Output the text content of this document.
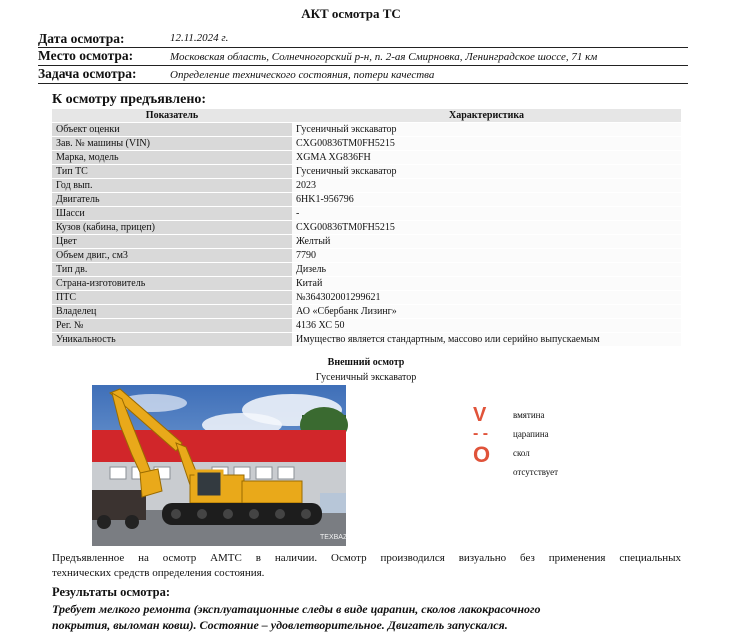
АКТ осмотра ТС
Дата осмотра:	12.11.2024 г.
Место осмотра:	Московская область, Солнечногорский р-н, п. 2-ая Смирновка, Ленинградское шоссе, 71 км
Задача осмотра:	Определение технического состояния, потери качества
К осмотру предъявлено:
Показатель	Характеристика
Объект оценки	Гусеничный экскаватор
Зав. № машины (VIN)	CXG00836TM0FH5215
Марка, модель	XGMA XG836FH
Тип ТС	Гусеничный экскаватор
Год вып.	2023
Двигатель	6HK1-956796
Шасси	-
Кузов (кабина, прицеп)	CXG00836TM0FH5215
Цвет	Желтый
Объем двиг., см3	7790
Тип дв.	Дизель
Страна-изготовитель	Китай
ПТС	№364302001299621
Владелец	АО «Сбербанк Лизинг»
Рег. №	4136 ХС 50
Уникальность	Имущество является стандартным, массово или серийно выпускаемым
Внешний осмотр
Гусеничный экскаватор
TEXBAZA
V	вмятина
- -	царапина
O	скол
отсутствует
Предъявленное на осмотр АМТС в наличии. Осмотр производился визуально без применения специальных
технических средств определения состояния.
Результаты осмотра:
Требует мелкого ремонта (эксплуатационные следы в виде царапин, сколов лакокрасочного
покрытия, выломан ковш). Состояние – удовлетворительное. Двигатель запускался.
